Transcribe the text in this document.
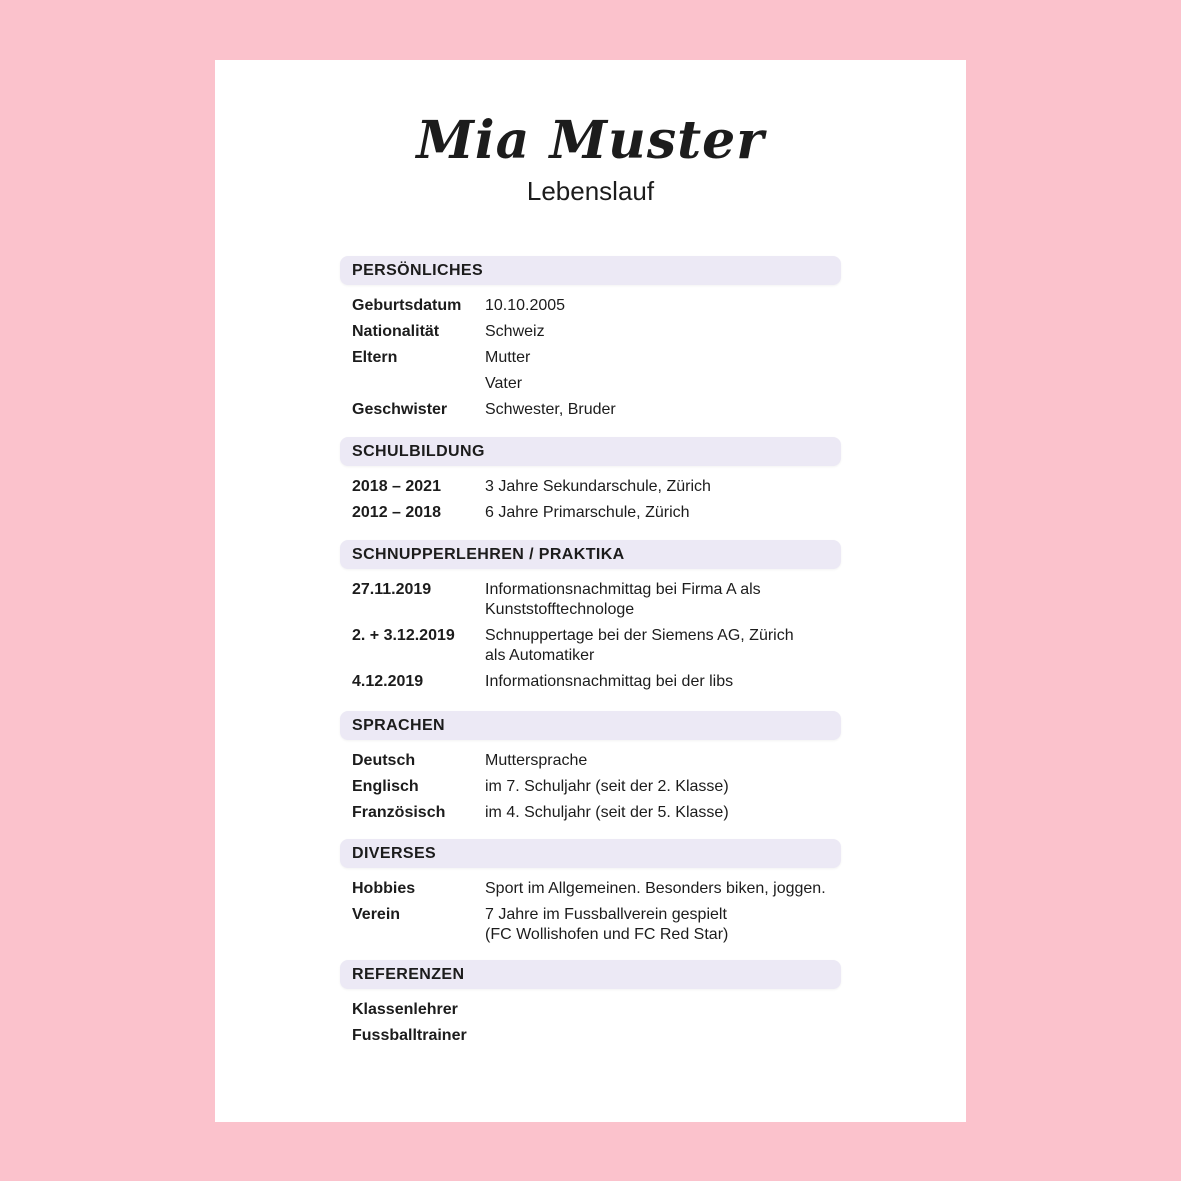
Mia Muster
Lebenslauf
PERSÖNLICHES
Geburtsdatum	10.10.2005
Nationalität	Schweiz
Eltern	Mutter
Vater
Geschwister	Schwester, Bruder
SCHULBILDUNG
2018 – 2021	3 Jahre Sekundarschule, Zürich
2012 – 2018	6 Jahre Primarschule, Zürich
SCHNUPPERLEHREN / PRAKTIKA
27.11.2019	Informationsnachmittag bei Firma A als
Kunststofftechnologe
2. + 3.12.2019	Schnuppertage bei der Siemens AG, Zürich
als Automatiker
4.12.2019	Informationsnachmittag bei der libs
SPRACHEN
Deutsch	Muttersprache
Englisch	im 7. Schuljahr (seit der 2. Klasse)
Französisch	im 4. Schuljahr (seit der 5. Klasse)
DIVERSES
Hobbies	Sport im Allgemeinen. Besonders biken, joggen.
Verein	7 Jahre im Fussballverein gespielt
(FC Wollishofen und FC Red Star)
REFERENZEN
Klassenlehrer
Fussballtrainer
